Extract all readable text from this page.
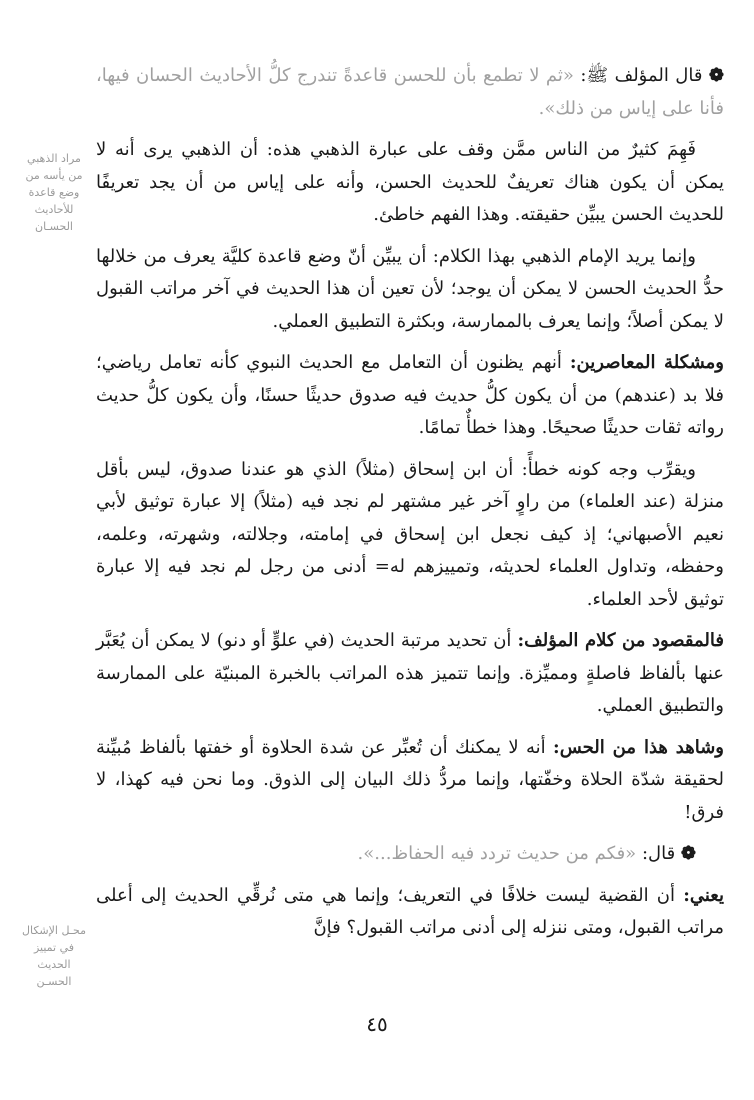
مراد الذهبي من يأسه من وضع قاعدة للأحاديث الحسـان
محـل الإشكال في تمييز الحديث الحسـن

❁ قال المؤلف ﷺ: «ثم لا تطمع بأن للحسن قاعدةً تندرج كلُّ الأحاديث الحسان فيها، فأنا على إياس من ذلك».

فَهِمَ كثيرٌ من الناس ممَّن وقف على عبارة الذهبي هذه: أن الذهبي يرى أنه لا يمكن أن يكون هناك تعريفٌ للحديث الحسن، وأنه على إياس من أن يجد تعريفًا للحديث الحسن يبيِّن حقيقته. وهذا الفهم خاطئ.

وإنما يريد الإمام الذهبي بهذا الكلام: أن يبيِّن أنّ وضع قاعدة كليَّة يعرف من خلالها حدُّ الحديث الحسن لا يمكن أن يوجد؛ لأن تعين أن هذا الحديث في آخر مراتب القبول لا يمكن أصلاً؛ وإنما يعرف بالممارسة، وبكثرة التطبيق العملي.

ومشكلة المعاصرين: أنهم يظنون أن التعامل مع الحديث النبوي كأنه تعامل رياضي؛ فلا بد (عندهم) من أن يكون كلُّ حديث فيه صدوق حديثًا حسنًا، وأن يكون كلُّ حديث رواته ثقات حديثًا صحيحًا. وهذا خطأٌ تمامًا.

ويقرِّب وجه كونه خطأً: أن ابن إسحاق (مثلاً) الذي هو عندنا صدوق، ليس بأقل منزلة (عند العلماء) من راوٍ آخر غير مشتهر لم نجد فيه (مثلاً) إلا عبارة توثيق لأبي نعيم الأصبهاني؛ إذ كيف نجعل ابن إسحاق في إمامته، وجلالته، وشهرته، وعلمه، وحفظه، وتداول العلماء لحديثه، وتمييزهم له= أدنى من رجل لم نجد فيه إلا عبارة توثيق لأحد العلماء.

فالمقصود من كلام المؤلف: أن تحديد مرتبة الحديث (في علوٍّ أو دنو) لا يمكن أن يُعَبَّر عنها بألفاظ فاصلةٍ ومميِّزة. وإنما تتميز هذه المراتب بالخبرة المبنيّة على الممارسة والتطبيق العملي.

وشاهد هذا من الحس: أنه لا يمكنك أن تُعبِّر عن شدة الحلاوة أو خفتها بألفاظ مُبيِّنة لحقيقة شدّة الحلاة وخفّتها، وإنما مردُّ ذلك البيان إلى الذوق. وما نحن فيه كهذا، لا فرق!

❁ قال: «فكم من حديث تردد فيه الحفاظ...».

يعني: أن القضية ليست خلافًا في التعريف؛ وإنما هي متى نُرقِّي الحديث إلى أعلى مراتب القبول، ومتى ننزله إلى أدنى مراتب القبول؟ فإنَّ

٤٥
